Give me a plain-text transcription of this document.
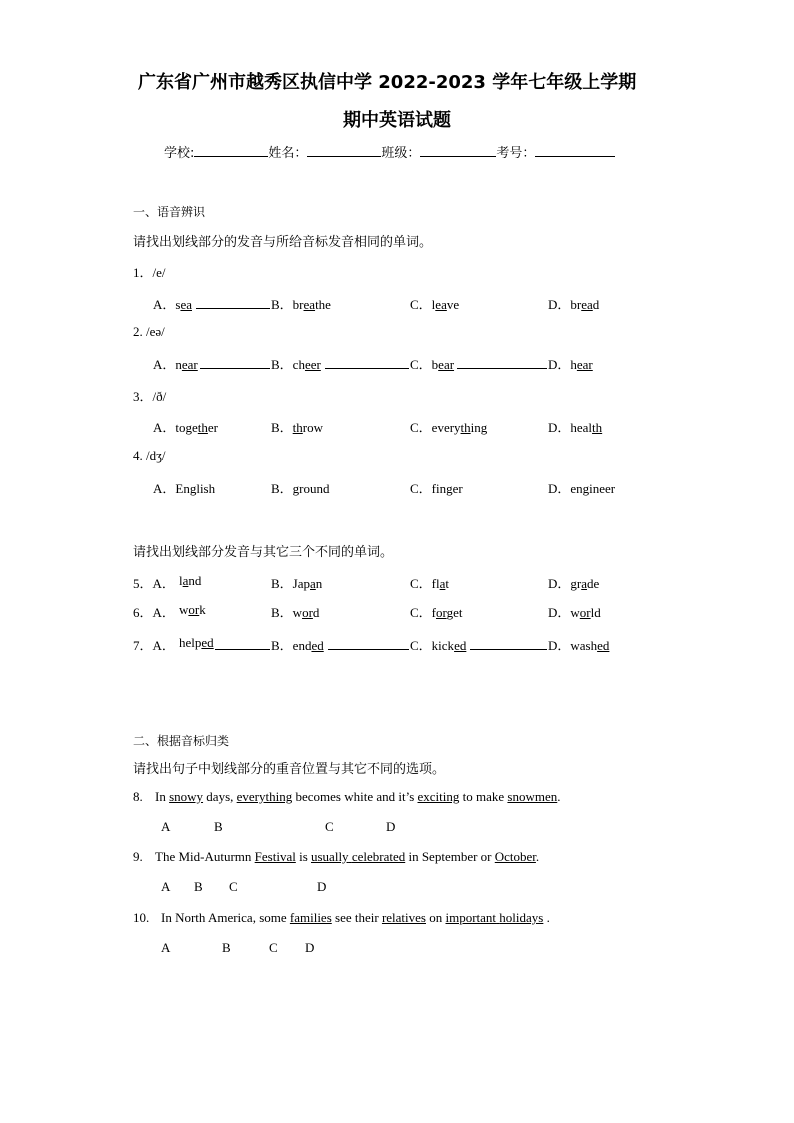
广东省广州市越秀区执信中学 2022-2023 学年七年级上学期
期中英语试题
学校:	姓名：	班级：	考号：
一、语音辨识
请找出划线部分的发音与所给音标发音相同的单词。
1．/e/
A．sea	B．breathe	C．leave	D．bread
2. /eə/
A．near	B．cheer	C．bear	D．hear
3．/ð/
A．together	B．throw	C．everything	D．health
4. /dʒ/
A．English	B．ground	C．finger	D．engineer
请找出划线部分发音与其它三个不同的单词。
5．A． land	B．Japan	C．flat	D．grade
6．A． work	B．word	C．forget	D．world
7．A． helped	B．ended	C．kicked	D．washed
二、根据音标归类
请找出句子中划线部分的重音位置与其它不同的选项。
8. In snowy days, everything becomes white and it’s exciting to make snowmen.
A	B	C	D
9. The Mid-Auturmn Festival is usually celebrated in September or October.
A B C	D
10. In North America, some families see their relatives on important holidays .
A	B	C D
